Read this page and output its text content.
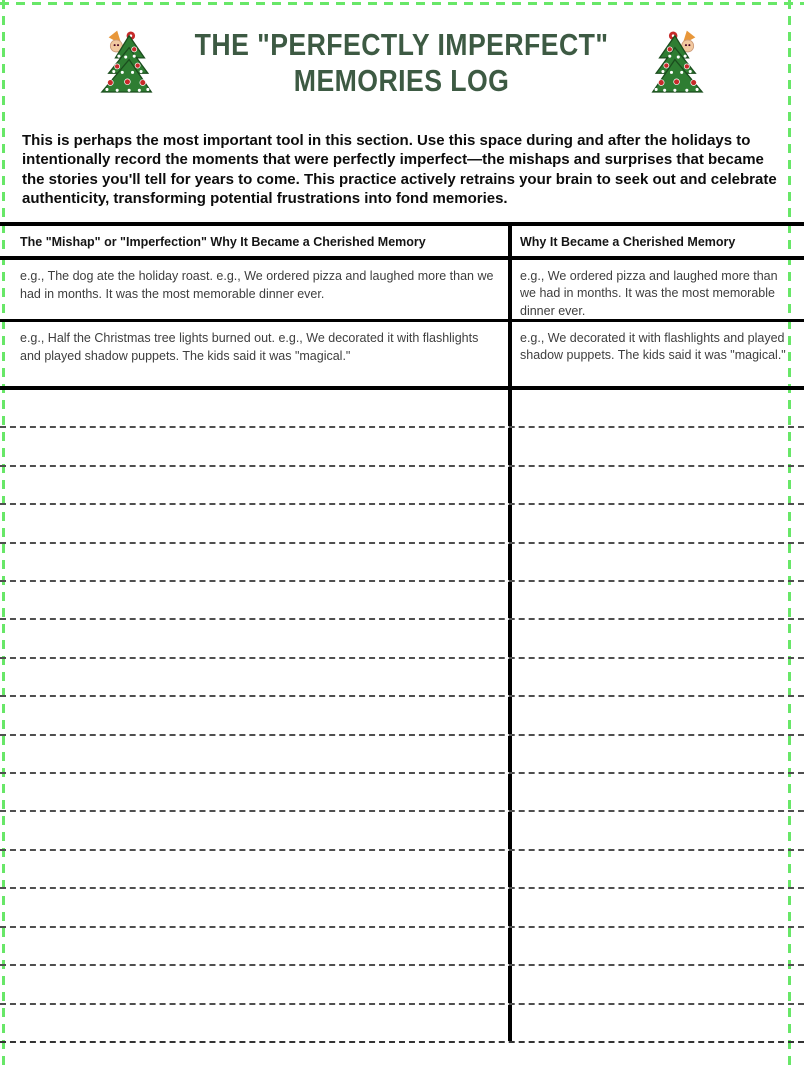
THE "PERFECTLY IMPERFECT"
MEMORIES LOG
This is perhaps the most important tool in this section. Use this space during and after the holidays to intentionally record the moments that were perfectly imperfect—the mishaps and surprises that became the stories you'll tell for years to come. This practice actively retrains your brain to seek out and celebrate authenticity, transforming potential frustrations into fond memories.
The "Mishap" or "Imperfection" Why It Became a Cherished Memory	Why It Became a Cherished Memory
e.g., The dog ate the holiday roast. e.g., We ordered pizza and laughed more than we had in months. It was the most memorable dinner ever.
e.g., We ordered pizza and laughed more than we had in months. It was the most memorable dinner ever.
e.g., Half the Christmas tree lights burned out. e.g., We decorated it with flashlights and played shadow puppets. The kids said it was "magical."
e.g., We decorated it with flashlights and played shadow puppets. The kids said it was "magical."
